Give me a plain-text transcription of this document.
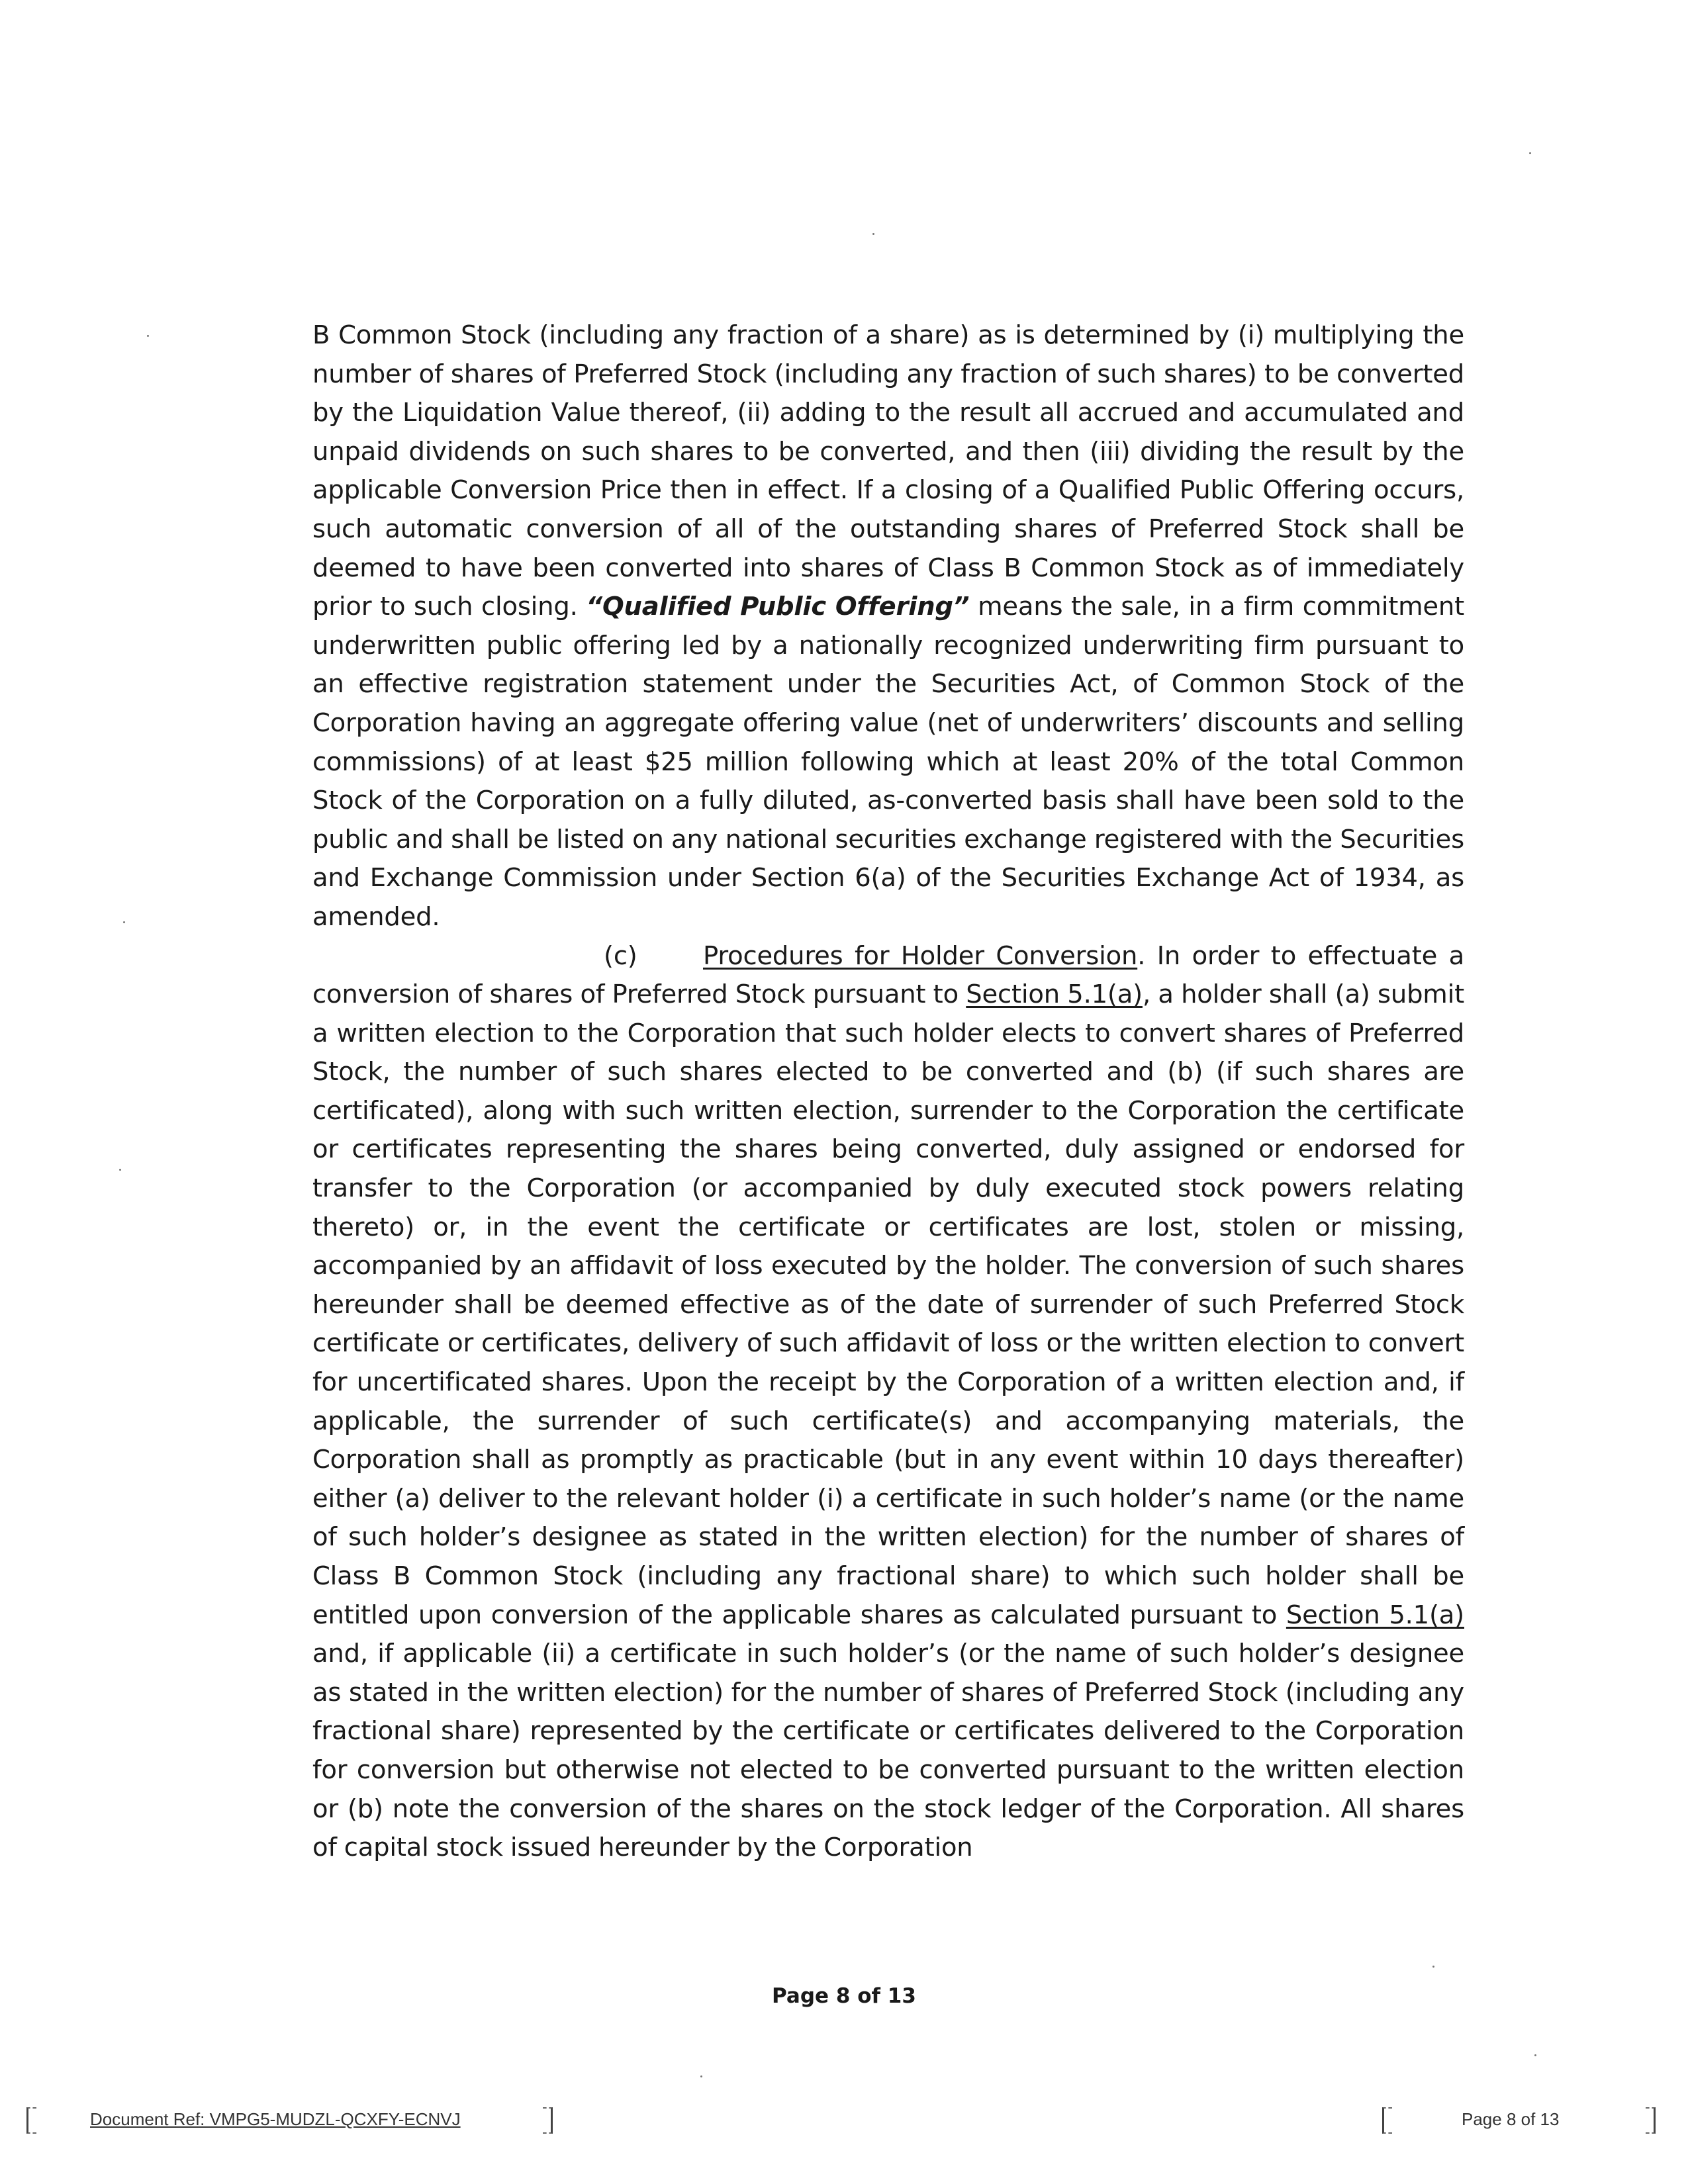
B Common Stock (including any fraction of a share) as is determined by (i) multiplying the number of shares of Preferred Stock (including any fraction of such shares) to be converted by the Liquidation Value thereof, (ii) adding to the result all accrued and accumulated and unpaid dividends on such shares to be converted, and then (iii) dividing the result by the applicable Conversion Price then in effect. If a closing of a Qualified Public Offering occurs, such automatic conversion of all of the outstanding shares of Preferred Stock shall be deemed to have been converted into shares of Class B Common Stock as of immediately prior to such closing. “Qualified Public Offering” means the sale, in a firm commitment underwritten public offering led by a nationally recognized underwriting firm pursuant to an effective registration statement under the Securities Act, of Common Stock of the Corporation having an aggregate offering value (net of underwriters’ discounts and selling commissions) of at least $25 million following which at least 20% of the total Common Stock of the Corporation on a fully diluted, as-converted basis shall have been sold to the public and shall be listed on any national securities exchange registered with the Securities and Exchange Commission under Section 6(a) of the Securities Exchange Act of 1934, as amended.

(c)	Procedures for Holder Conversion. In order to effectuate a conversion of shares of Preferred Stock pursuant to Section 5.1(a), a holder shall (a) submit a written election to the Corporation that such holder elects to convert shares of Preferred Stock, the number of such shares elected to be converted and (b) (if such shares are certificated), along with such written election, surrender to the Corporation the certificate or certificates representing the shares being converted, duly assigned or endorsed for transfer to the Corporation (or accompanied by duly executed stock powers relating thereto) or, in the event the certificate or certificates are lost, stolen or missing, accompanied by an affidavit of loss executed by the holder. The conversion of such shares hereunder shall be deemed effective as of the date of surrender of such Preferred Stock certificate or certificates, delivery of such affidavit of loss or the written election to convert for uncertificated shares. Upon the receipt by the Corporation of a written election and, if applicable, the surrender of such certificate(s) and accompanying materials, the Corporation shall as promptly as practicable (but in any event within 10 days thereafter) either (a) deliver to the relevant holder (i) a certificate in such holder’s name (or the name of such holder’s designee as stated in the written election) for the number of shares of Class B Common Stock (including any fractional share) to which such holder shall be entitled upon conversion of the applicable shares as calculated pursuant to Section 5.1(a) and, if applicable (ii) a certificate in such holder’s (or the name of such holder’s designee as stated in the written election) for the number of shares of Preferred Stock (including any fractional share) represented by the certificate or certificates delivered to the Corporation for conversion but otherwise not elected to be converted pursuant to the written election or (b) note the conversion of the shares on the stock ledger of the Corporation. All shares of capital stock issued hereunder by the Corporation

Page 8 of 13
Document Ref: VMPG5-MUDZL-QCXFY-ECNVJ	Page 8 of 13
